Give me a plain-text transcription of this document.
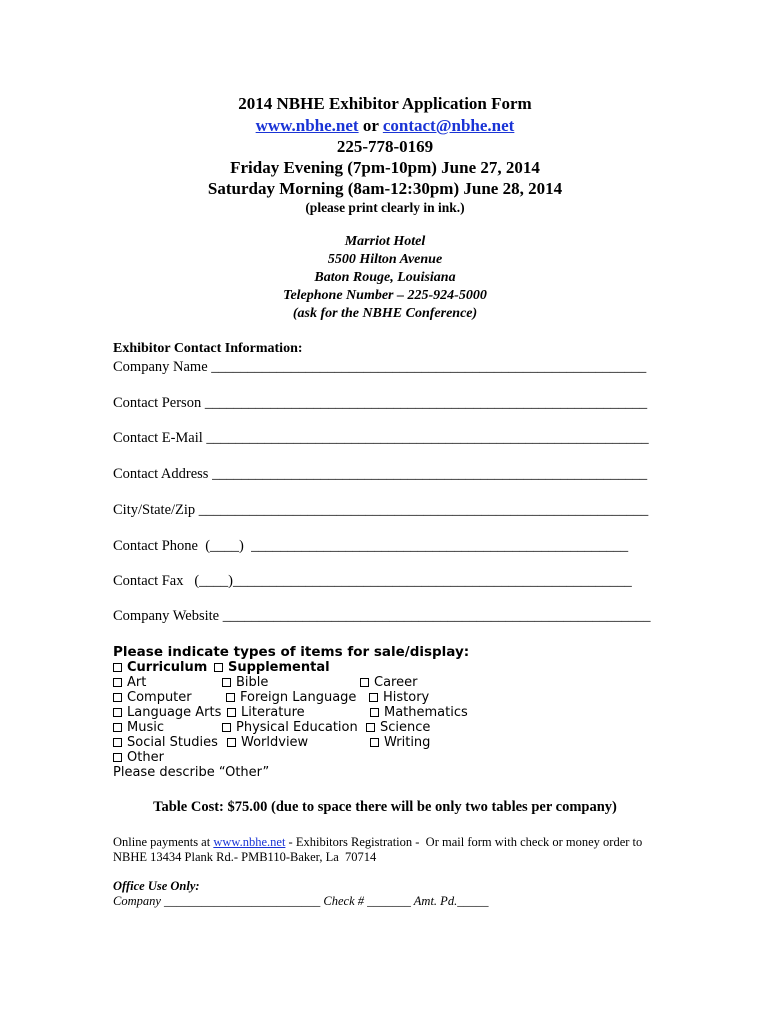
2014 NBHE Exhibitor Application Form
www.nbhe.net or contact@nbhe.net
225-778-0169
Friday Evening (7pm-10pm) June 27, 2014
Saturday Morning (8am-12:30pm) June 28, 2014
(please print clearly in ink.)
Marriot Hotel
5500 Hilton Avenue
Baton Rouge, Louisiana
Telephone Number – 225-924-5000
(ask for the NBHE Conference)
Exhibitor Contact Information:
Company Name ____________________________________________________________
Contact Person _____________________________________________________________
Contact E-Mail _____________________________________________________________
Contact Address ____________________________________________________________
City/State/Zip ______________________________________________________________
Contact Phone  (____)  ____________________________________________________
Contact Fax   (____)_______________________________________________________
Company Website ___________________________________________________________
Please indicate types of items for sale/display:
Curriculum	Supplemental
Art	Bible	Career
Computer	Foreign Language	History
Language Arts	Literature	Mathematics
Music	Physical Education	Science
Social Studies	Worldview	Writing
Other
Please describe “Other”
Table Cost: $75.00 (due to space there will be only two tables per company)
Online payments at www.nbhe.net - Exhibitors Registration -  Or mail form with check or money order to
NBHE 13434 Plank Rd.- PMB110-Baker, La  70714
Office Use Only:
Company _________________________ Check # _______ Amt. Pd._____
